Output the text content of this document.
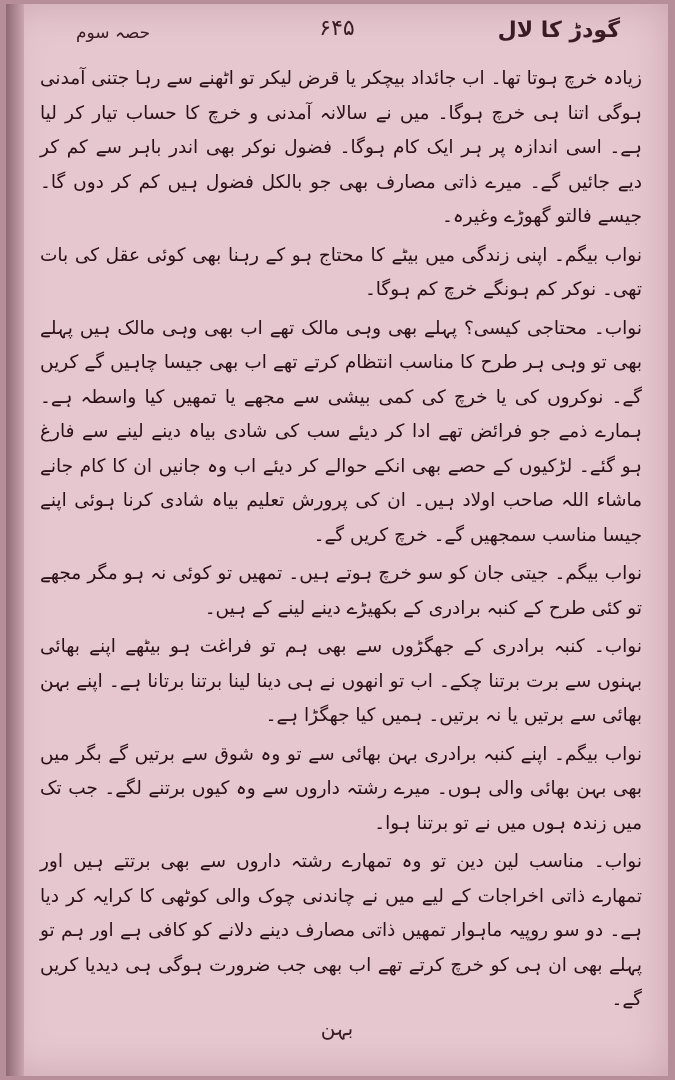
گودڑ کا لال
۶۴۵
حصہ سوم

زیادہ خرچ ہوتا تھا۔ اب جائداد بیچکر یا قرض لیکر تو اٹھنے سے رہا جتنی آمدنی ہوگی اتنا ہی خرچ ہوگا۔ میں نے سالانہ آمدنی و خرچ کا حساب تیار کر لیا ہے۔ اسی اندازہ پر ہر ایک کام ہوگا۔ فضول نوکر بھی اندر باہر سے کم کر دیے جائیں گے۔ میرے ذاتی مصارف بھی جو بالکل فضول ہیں کم کر دوں گا۔ جیسے فالتو گھوڑے وغیرہ۔

نواب بیگم۔ اپنی زندگی میں بیٹے کا محتاج ہو کے رہنا بھی کوئی عقل کی بات تھی۔ نوکر کم ہونگے خرچ کم ہوگا۔

نواب۔ محتاجی کیسی؟ پہلے بھی وہی مالک تھے اب بھی وہی مالک ہیں پہلے بھی تو وہی ہر طرح کا مناسب انتظام کرتے تھے اب بھی جیسا چاہیں گے کریں گے۔ نوکروں کی یا خرچ کی کمی بیشی سے مجھے یا تمھیں کیا واسطہ ہے۔ ہمارے ذمے جو فرائض تھے ادا کر دیئے سب کی شادی بیاہ دینے لینے سے فارغ ہو گئے۔ لڑکیوں کے حصے بھی انکے حوالے کر دیئے اب وہ جانیں ان کا کام جانے ماشاء اللہ صاحب اولاد ہیں۔ ان کی پرورش تعلیم بیاہ شادی کرنا ہوئی اپنے جیسا مناسب سمجھیں گے۔ خرچ کریں گے۔

نواب بیگم۔ جیتی جان کو سو خرچ ہوتے ہیں۔ تمھیں تو کوئی نہ ہو مگر مجھے تو کئی طرح کے کنبہ برادری کے بکھیڑے دینے لینے کے ہیں۔

نواب۔ کنبہ برادری کے جھگڑوں سے بھی ہم تو فراغت ہو بیٹھے اپنے بھائی بہنوں سے برت برتنا چکے۔ اب تو انھوں نے ہی دینا لینا برتنا برتانا ہے۔ اپنے بہن بھائی سے برتیں یا نہ برتیں۔ ہمیں کیا جھگڑا ہے۔

نواب بیگم۔ اپنے کنبہ برادری بہن بھائی سے تو وہ شوق سے برتیں گے بگر میں بھی بہن بھائی والی ہوں۔ میرے رشتہ داروں سے وہ کیوں برتنے لگے۔ جب تک میں زندہ ہوں میں نے تو برتنا ہوا۔

نواب۔ مناسب لین دین تو وہ تمھارے رشتہ داروں سے بھی برتتے ہیں اور تمھارے ذاتی اخراجات کے لیے میں نے چاندنی چوک والی کوٹھی کا کرایہ کر دیا ہے۔ دو سو روپیہ ماہوار تمھیں ذاتی مصارف دینے دلانے کو کافی ہے اور ہم تو پہلے بھی ان ہی کو خرچ کرتے تھے اب بھی جب ضرورت ہوگی ہی دیدیا کریں گے۔

بہن
